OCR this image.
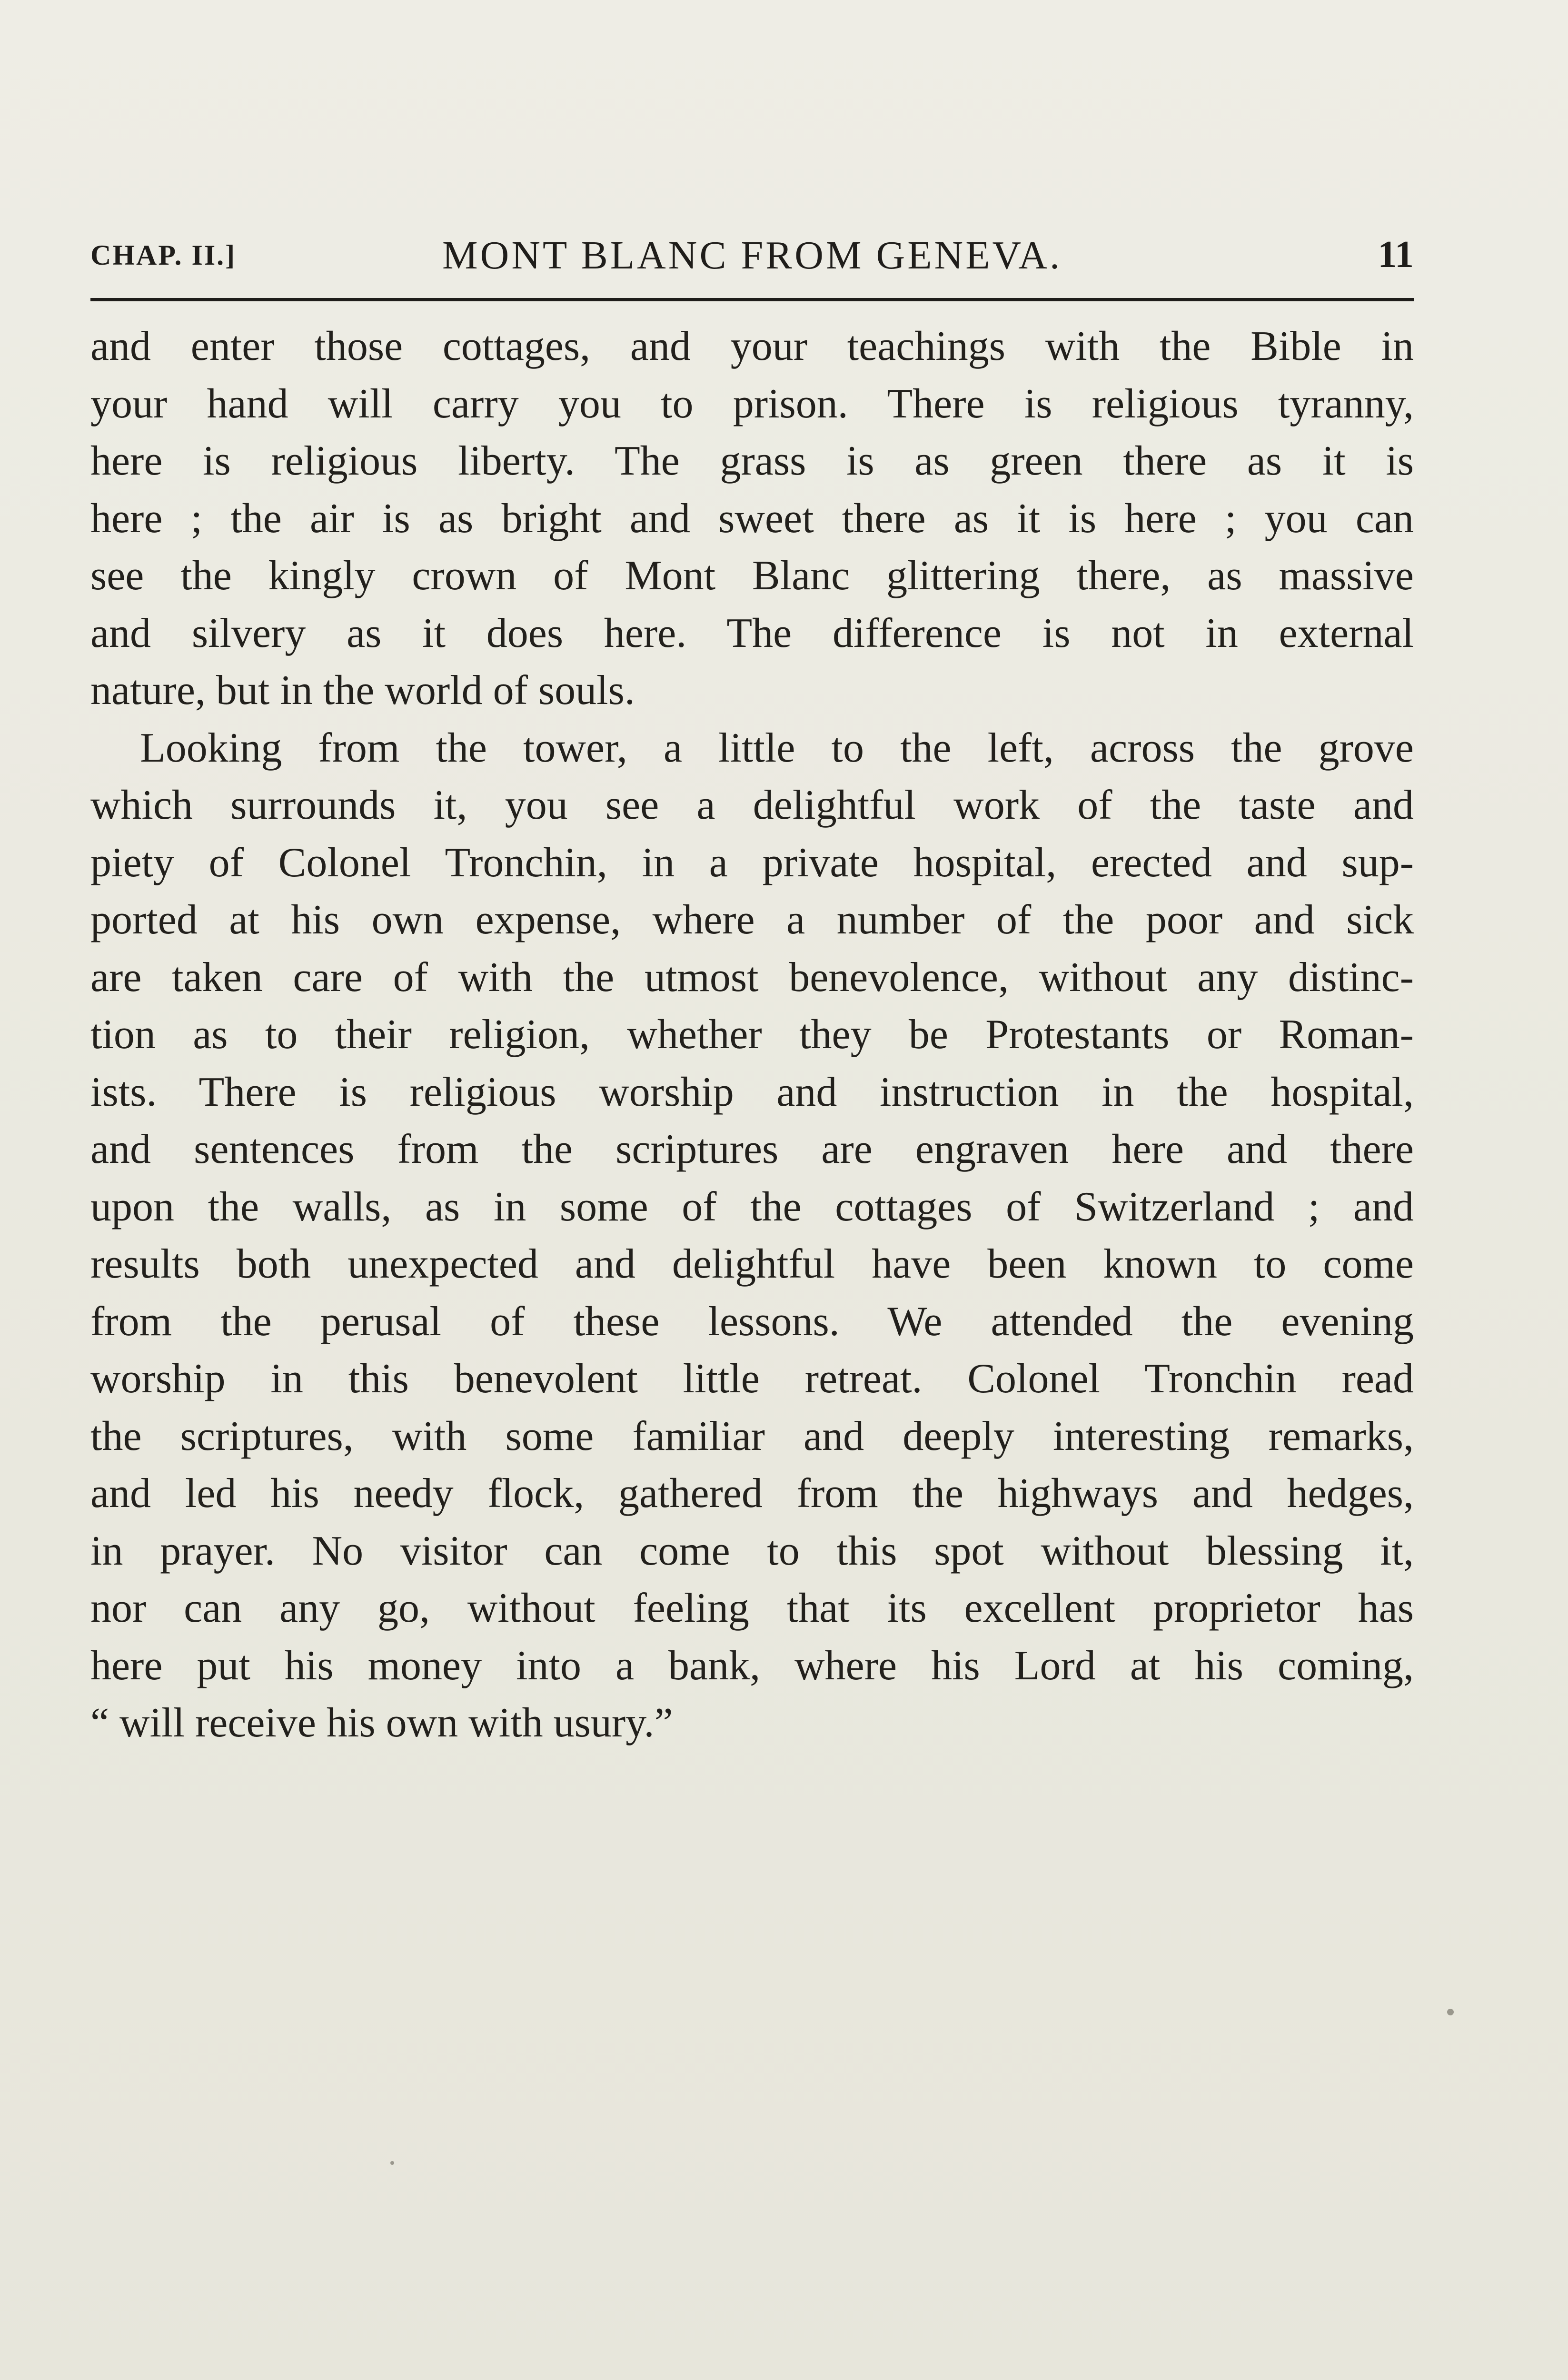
CHAP. II.]	MONT BLANC FROM GENEVA.	11

and enter those cottages, and your teachings with the Bible in
your hand will carry you to prison. There is religious tyranny,
here is religious liberty. The grass is as green there as it is
here ; the air is as bright and sweet there as it is here ; you can
see the kingly crown of Mont Blanc glittering there, as massive
and silvery as it does here. The difference is not in external
nature, but in the world of souls.

Looking from the tower, a little to the left, across the grove
which surrounds it, you see a delightful work of the taste and
piety of Colonel Tronchin, in a private hospital, erected and sup-
ported at his own expense, where a number of the poor and sick
are taken care of with the utmost benevolence, without any distinc-
tion as to their religion, whether they be Protestants or Roman-
ists. There is religious worship and instruction in the hospital,
and sentences from the scriptures are engraven here and there
upon the walls, as in some of the cottages of Switzerland ; and
results both unexpected and delightful have been known to come
from the perusal of these lessons. We attended the evening
worship in this benevolent little retreat. Colonel Tronchin read
the scriptures, with some familiar and deeply interesting remarks,
and led his needy flock, gathered from the highways and hedges,
in prayer. No visitor can come to this spot without blessing it,
nor can any go, without feeling that its excellent proprietor has
here put his money into a bank, where his Lord at his coming,
“ will receive his own with usury.”
